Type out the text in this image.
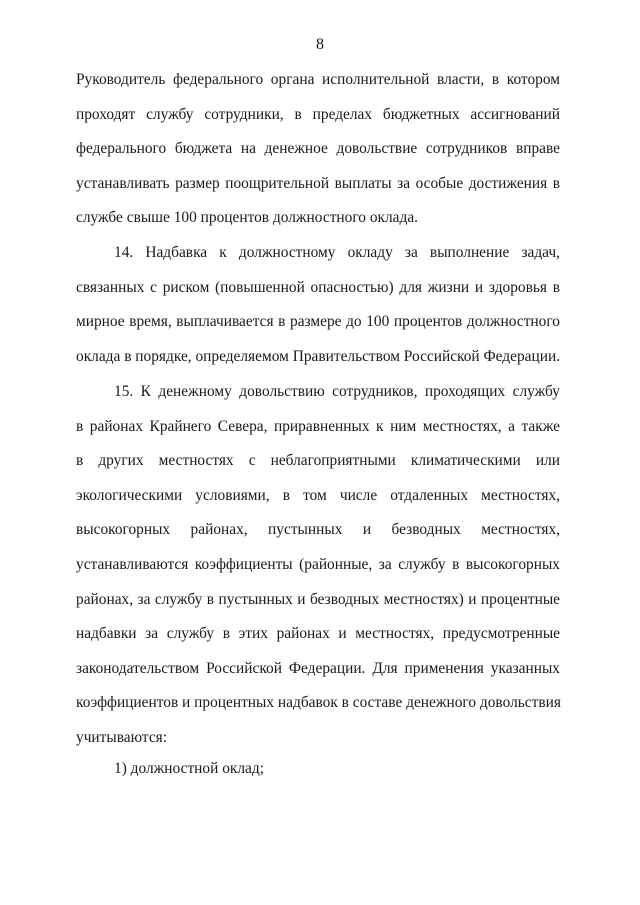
8

Руководитель федерального органа исполнительной власти, в котором
проходят службу сотрудники, в пределах бюджетных ассигнований
федерального бюджета на денежное довольствие сотрудников вправе
устанавливать размер поощрительной выплаты за особые достижения в
службе свыше 100 процентов должностного оклада.

14. Надбавка к должностному окладу за выполнение задач,
связанных с риском (повышенной опасностью) для жизни и здоровья в
мирное время, выплачивается в размере до 100 процентов должностного
оклада в порядке, определяемом Правительством Российской Федерации.

15. К денежному довольствию сотрудников, проходящих службу
в районах Крайнего Севера, приравненных к ним местностях, а также
в других местностях с неблагоприятными климатическими или
экологическими условиями, в том числе отдаленных местностях,
высокогорных районах, пустынных и безводных местностях,
устанавливаются коэффициенты (районные, за службу в высокогорных
районах, за службу в пустынных и безводных местностях) и процентные
надбавки за службу в этих районах и местностях, предусмотренные
законодательством Российской Федерации. Для применения указанных
коэффициентов и процентных надбавок в составе денежного довольствия
учитываются:

1) должностной оклад;
